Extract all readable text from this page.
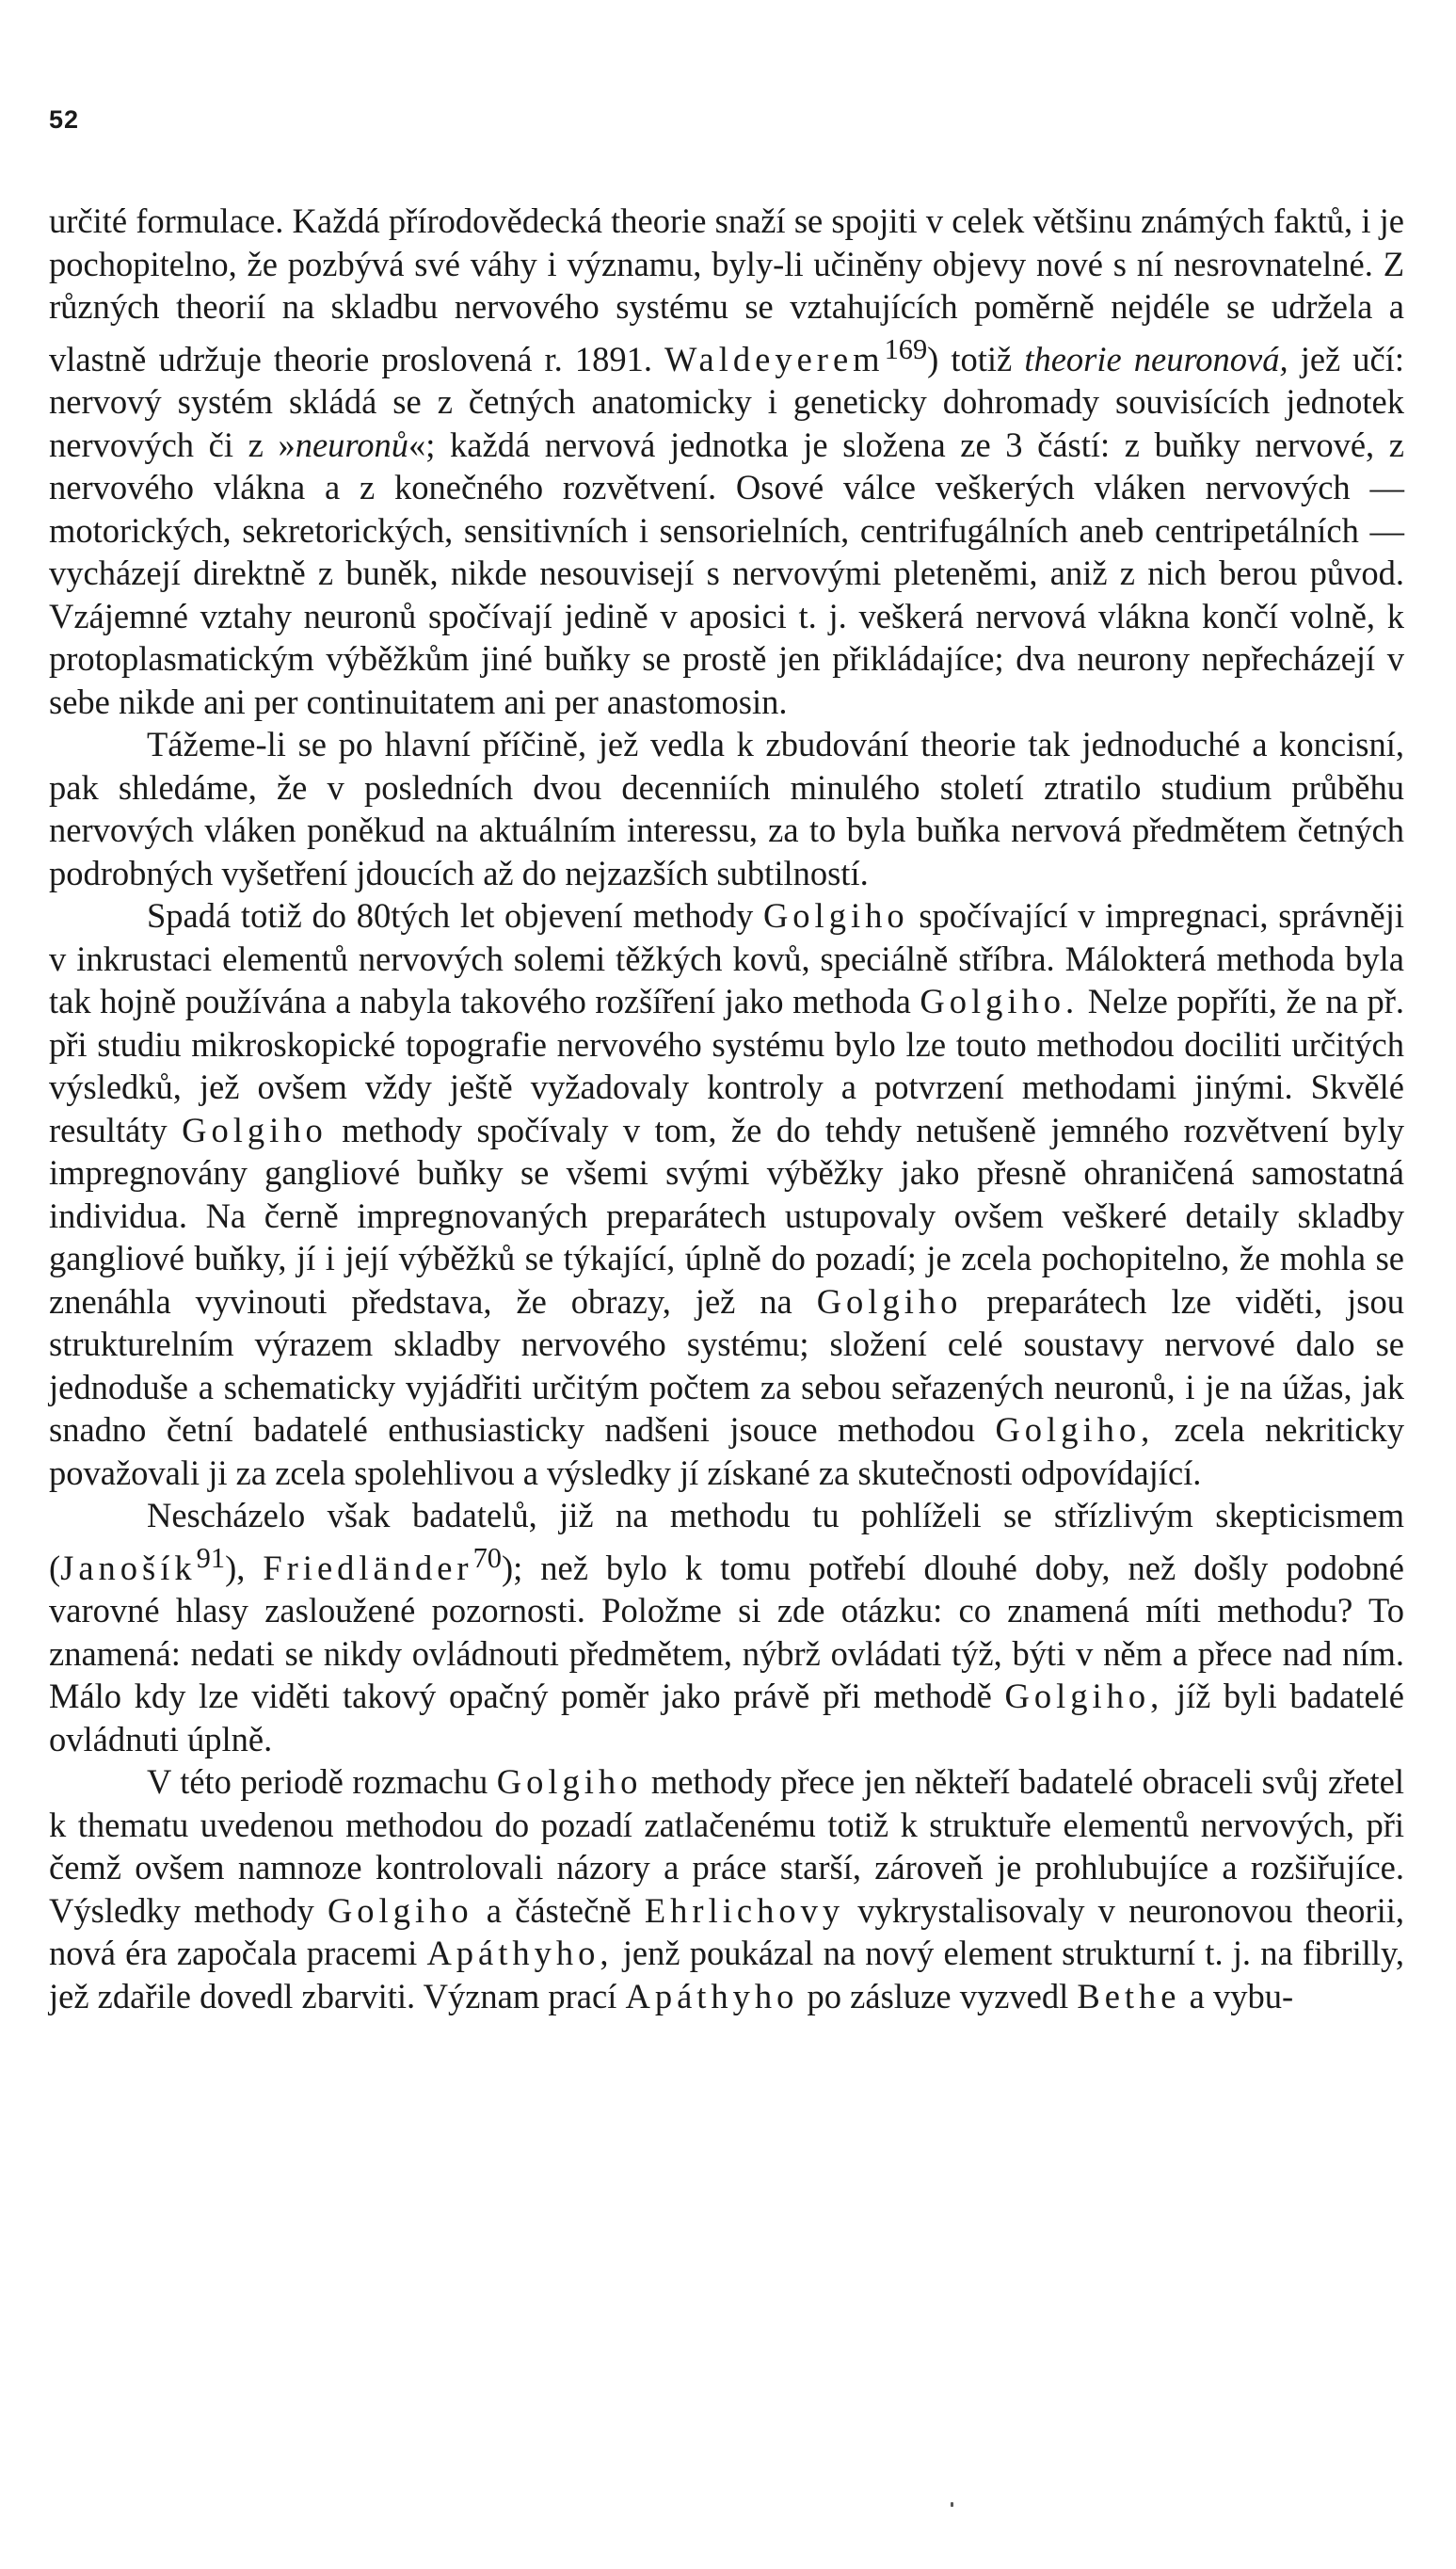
52

určité formulace. Každá přírodovědecká theorie snaží se spojiti v celek většinu známých faktů, i je pochopitelno, že pozbývá své váhy i významu, byly-li učiněny objevy nové s ní nesrovnatelné. Z různých theorií na skladbu nervového systému se vztahujících poměrně nejdéle se udržela a vlastně udržuje theorie proslovená r. 1891. Waldeyerem$^{169}$) totiž theorie neuronová, jež učí: nervový systém skládá se z četných anatomicky i geneticky dohromady souvisících jednotek nervových či z »neuronů«; každá nervová jednotka je složena ze 3 částí: z buňky nervové, z nervového vlákna a z konečného rozvětvení. Osové válce veškerých vláken nervových — motorických, sekretorických, sensitivních i sensorielních, centrifugálních aneb centripetálních — vycházejí direktně z buněk, nikde nesouvisejí s nervovými pleteněmi, aniž z nich berou původ. Vzájemné vztahy neuronů spočívají jedině v aposici t. j. veškerá nervová vlákna končí volně, k protoplasmatickým výběžkům jiné buňky se prostě jen přikládajíce; dva neurony nepřecházejí v sebe nikde ani per continuitatem ani per anastomosin.

Tážeme-li se po hlavní příčině, jež vedla k zbudování theorie tak jednoduché a koncisní, pak shledáme, že v posledních dvou decenniích minulého století ztratilo studium průběhu nervových vláken poněkud na aktuálním interessu, za to byla buňka nervová předmětem četných podrobných vyšetření jdoucích až do nejzazších subtilností.

Spadá totiž do 80tých let objevení methody Golgiho spočívající v impregnaci, správněji v inkrustaci elementů nervových solemi těžkých kovů, speciálně stříbra. Málokterá methoda byla tak hojně používána a nabyla takového rozšíření jako methoda Golgiho. Nelze popříti, že na př. při studiu mikroskopické topografie nervového systému bylo lze touto methodou dociliti určitých výsledků, jež ovšem vždy ještě vyžadovaly kontroly a potvrzení methodami jinými. Skvělé resultáty Golgiho methody spočívaly v tom, že do tehdy netušeně jemného rozvětvení byly impregnovány gangliové buňky se všemi svými výběžky jako přesně ohraničená samostatná individua. Na černě impregnovaných preparátech ustupovaly ovšem veškeré detaily skladby gangliové buňky, jí i její výběžků se týkající, úplně do pozadí; je zcela pochopitelno, že mohla se znenáhla vyvinouti představa, že obrazy, jež na Golgiho preparátech lze viděti, jsou strukturelním výrazem skladby nervového systému; složení celé soustavy nervové dalo se jednoduše a schematicky vyjádřiti určitým počtem za sebou seřazených neuronů, i je na úžas, jak snadno četní badatelé enthusiasticky nadšeni jsouce methodou Golgiho, zcela nekriticky považovali ji za zcela spolehlivou a výsledky jí získané za skutečnosti odpovídající.

Nescházelo však badatelů, již na methodu tu pohlíželi se střízlivým skepticismem (Janošík$^{91}$), Friedländer$^{70}$); než bylo k tomu potřebí dlouhé doby, než došly podobné varovné hlasy zasloužené pozornosti. Položme si zde otázku: co znamená míti methodu? To znamená: nedati se nikdy ovládnouti předmětem, nýbrž ovládati týž, býti v něm a přece nad ním. Málo kdy lze viděti takový opačný poměr jako právě při methodě Golgiho, jíž byli badatelé ovládnuti úplně.

V této periodě rozmachu Golgiho methody přece jen někteří badatelé obraceli svůj zřetel k thematu uvedenou methodou do pozadí zatlačenému totiž k struktuře elementů nervových, při čemž ovšem namnoze kontrolovali názory a práce starší, zároveň je prohlubujíce a rozšiřujíce. Výsledky methody Golgiho a částečně Ehrlichovy vykrystalisovaly v neuronovou theorii, nová éra započala pracemi Apáthyho, jenž poukázal na nový element strukturní t. j. na fibrilly, jež zdařile dovedl zbarviti. Význam prací Apáthyho po zásluze vyzvedl Bethe a vybu-
